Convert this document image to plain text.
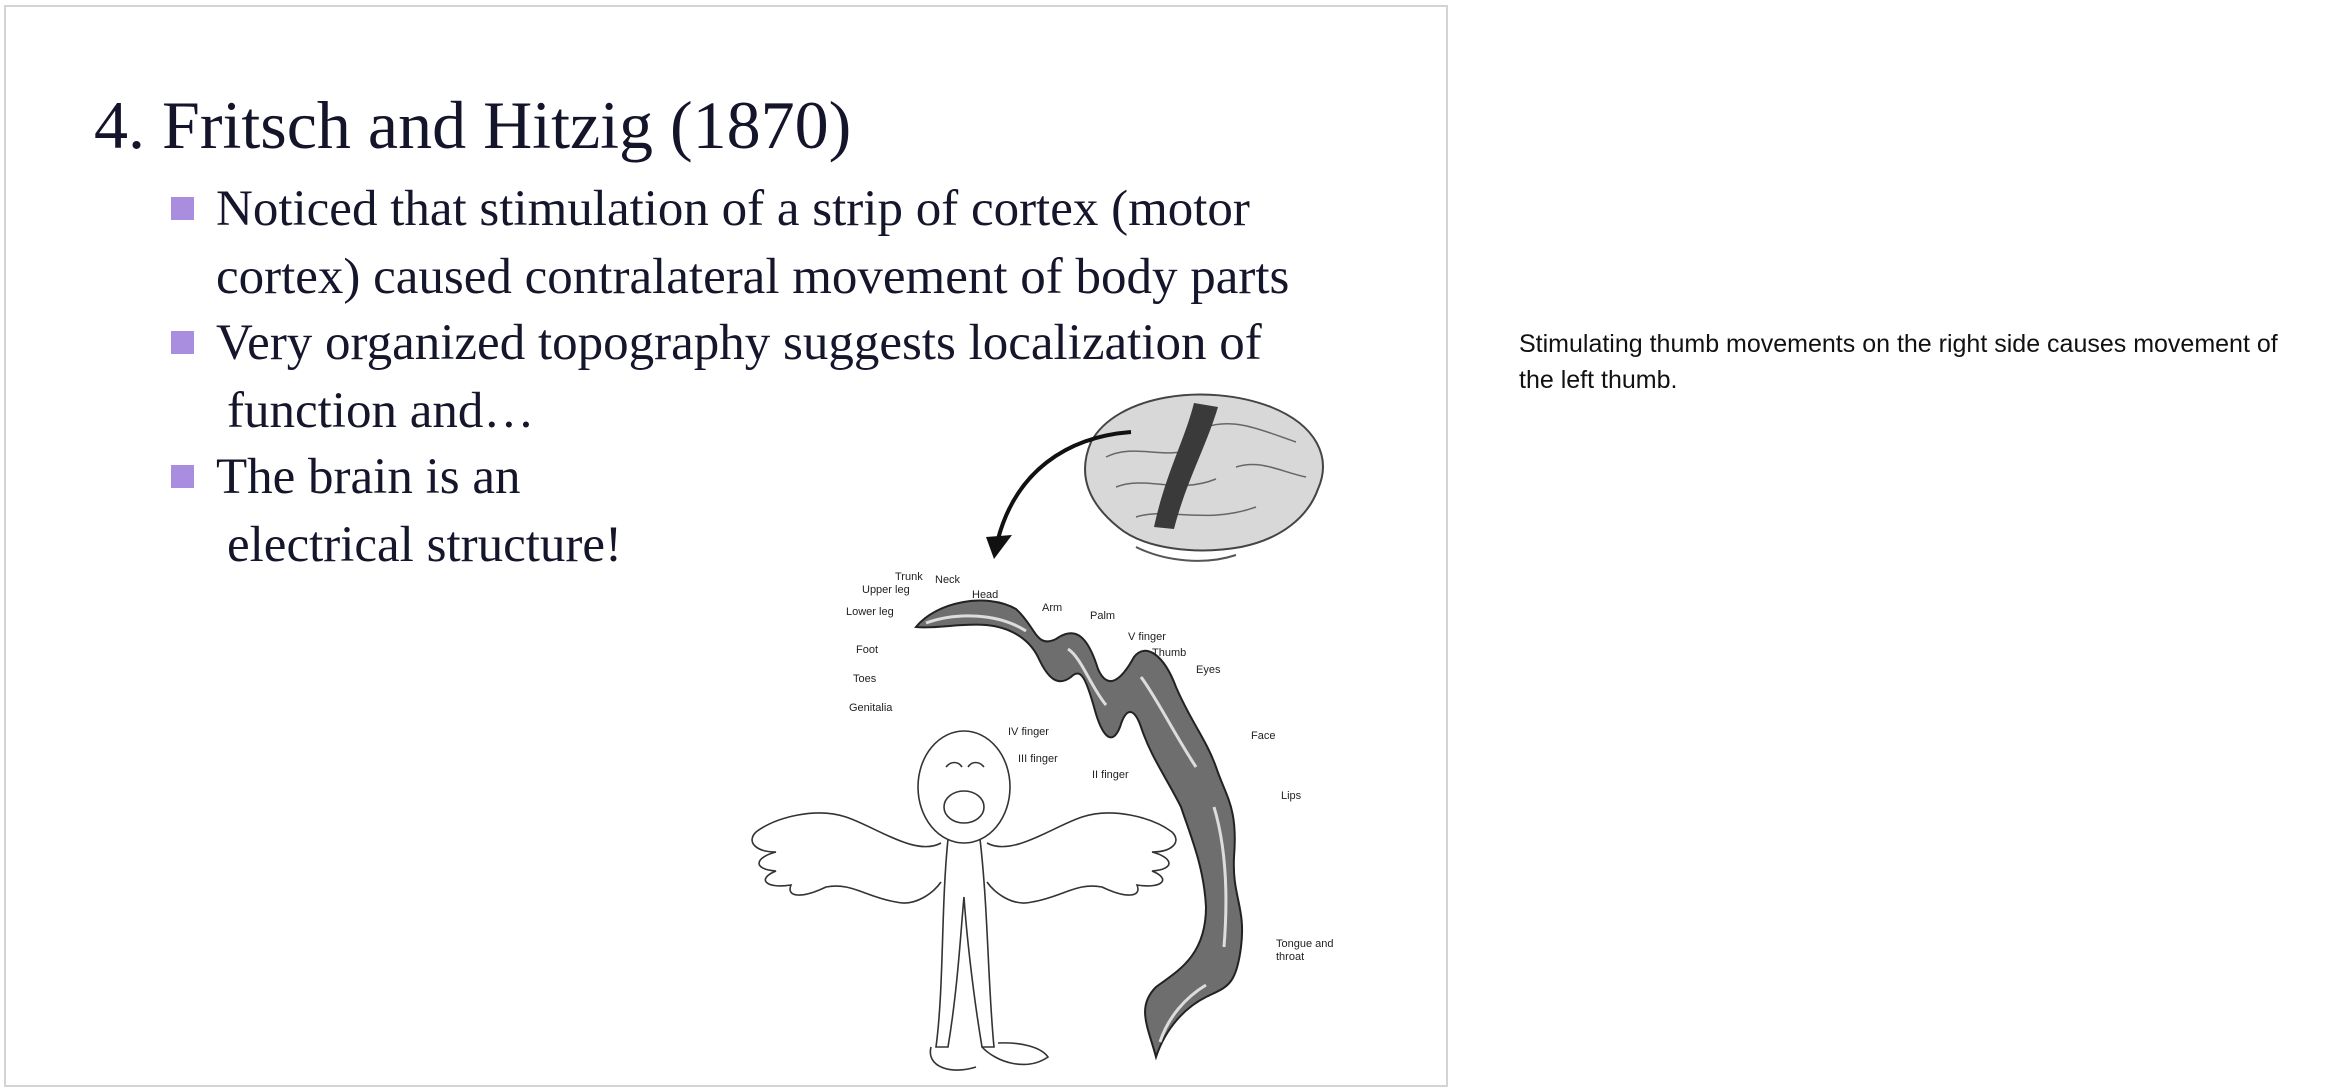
4. Fritsch and Hitzig (1870)
Noticed that stimulation of a strip of cortex (motor
cortex) caused contralateral movement of body parts
Very organized topography suggests localization of
function and…
The brain is an
electrical structure!
Trunk Neck
Upper leg	Head
Lower leg	Arm
Palm
V finger
Foot	Thumb
Eyes
Toes
Genitalia
IV finger	Face
III finger
II finger
Lips
Tongue and
throat
Stimulating thumb movements on the right side causes movement of the left thumb.
